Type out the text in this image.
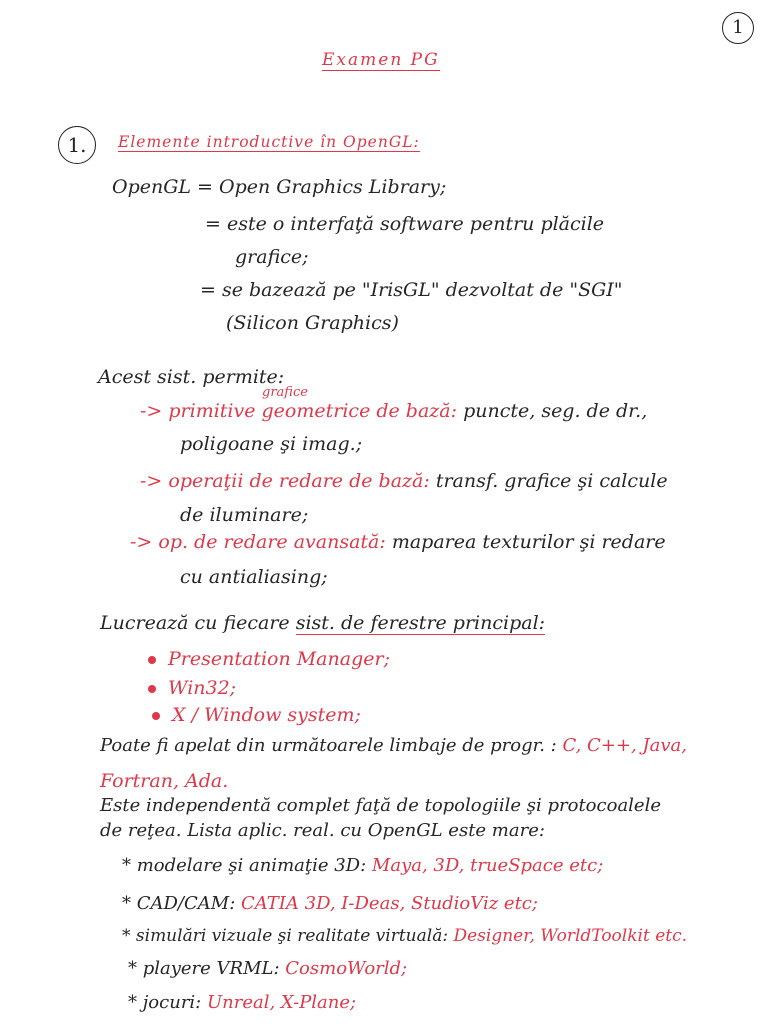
1
Examen PG
1.	Elemente introductive în OpenGL:
OpenGL = Open Graphics Library;
= este o interfaţă software pentru plăcile
grafice;
= se bazează pe "IrisGL" dezvoltat de "SGI"
(Silicon Graphics)
Acest sist. permite:
grafice
-> primitive geometrice de bază: puncte, seg. de dr.,
poligoane şi imag.;
-> operaţii de redare de bază: transf. grafice şi calcule
de iluminare;
-> op. de redare avansată: maparea texturilor şi redare
cu antialiasing;
Lucrează cu fiecare sist. de ferestre principal:
Presentation Manager;
Win32;
X / Window system;
Poate fi apelat din următoarele limbaje de progr. : C, C++, Java,
Fortran, Ada.
Este independentă complet faţă de topologiile şi protocoalele
de reţea. Lista aplic. real. cu OpenGL este mare:
* modelare şi animaţie 3D: Maya, 3D, trueSpace etc;
* CAD/CAM: CATIA 3D, I-Deas, StudioViz etc;
* simulări vizuale şi realitate virtuală: Designer, WorldToolkit etc.
* playere VRML: CosmoWorld;
* jocuri: Unreal, X-Plane;
